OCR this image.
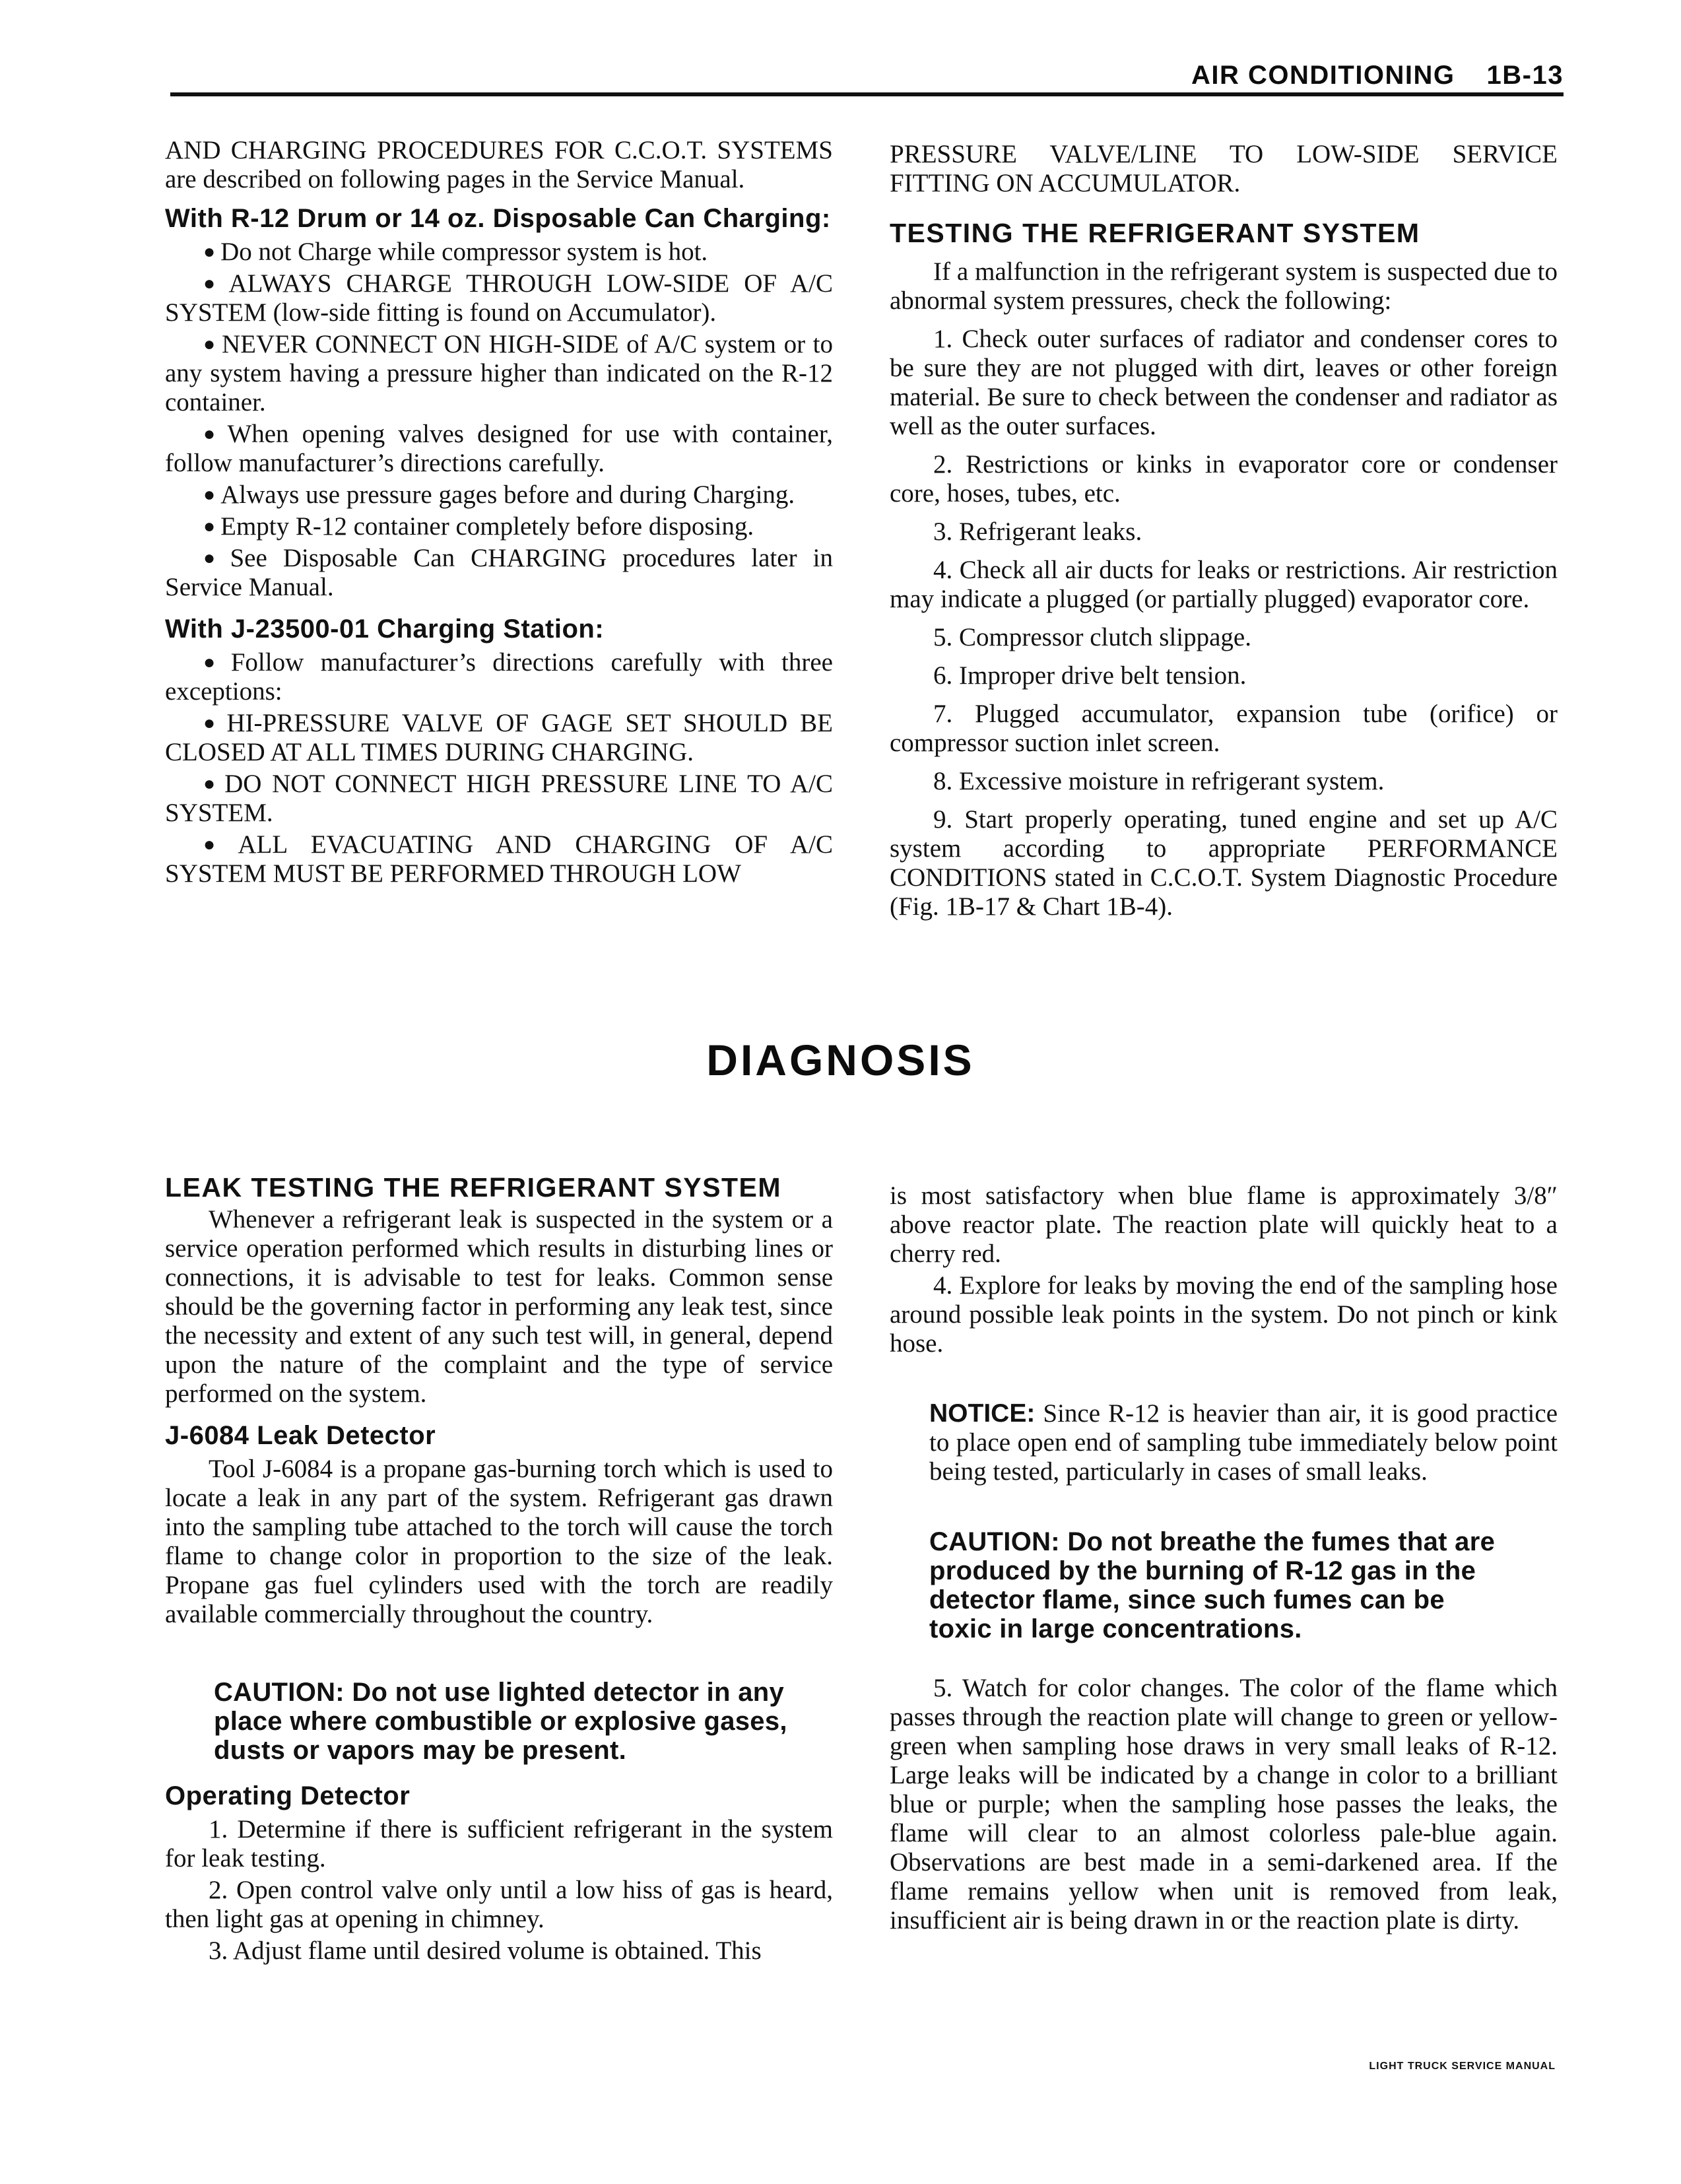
AIR CONDITIONING 1B-13

AND CHARGING PROCEDURES FOR C.C.O.T. SYSTEMS are described on following pages in the Service Manual.

With R-12 Drum or 14 oz. Disposable Can Charging:

● Do not Charge while compressor system is hot.

● ALWAYS CHARGE THROUGH LOW-SIDE OF A/C SYSTEM (low-side fitting is found on Accumulator).

● NEVER CONNECT ON HIGH-SIDE of A/C system or to any system having a pressure higher than indicated on the R-12 container.

● When opening valves designed for use with container, follow manufacturer’s directions carefully.

● Always use pressure gages before and during Charging.

● Empty R-12 container completely before disposing.

● See Disposable Can CHARGING procedures later in Service Manual.

With J-23500-01 Charging Station:

● Follow manufacturer’s directions carefully with three exceptions:

● HI-PRESSURE VALVE OF GAGE SET SHOULD BE CLOSED AT ALL TIMES DURING CHARGING.

● DO NOT CONNECT HIGH PRESSURE LINE TO A/C SYSTEM.

● ALL EVACUATING AND CHARGING OF A/C SYSTEM MUST BE PERFORMED THROUGH LOW

PRESSURE VALVE/LINE TO LOW-SIDE SERVICE FITTING ON ACCUMULATOR.

TESTING THE REFRIGERANT SYSTEM

If a malfunction in the refrigerant system is suspected due to abnormal system pressures, check the following:

1. Check outer surfaces of radiator and condenser cores to be sure they are not plugged with dirt, leaves or other foreign material. Be sure to check between the condenser and radiator as well as the outer surfaces.

2. Restrictions or kinks in evaporator core or condenser core, hoses, tubes, etc.

3. Refrigerant leaks.

4. Check all air ducts for leaks or restrictions. Air restriction may indicate a plugged (or partially plugged) evaporator core.

5. Compressor clutch slippage.

6. Improper drive belt tension.

7. Plugged accumulator, expansion tube (orifice) or compressor suction inlet screen.

8. Excessive moisture in refrigerant system.

9. Start properly operating, tuned engine and set up A/C system according to appropriate PERFORMANCE CONDITIONS stated in C.C.O.T. System Diagnostic Procedure (Fig. 1B-17 & Chart 1B-4).

DIAGNOSIS
LEAK TESTING THE REFRIGERANT SYSTEM

Whenever a refrigerant leak is suspected in the system or a service operation performed which results in disturbing lines or connections, it is advisable to test for leaks. Common sense should be the governing factor in performing any leak test, since the necessity and extent of any such test will, in general, depend upon the nature of the complaint and the type of service performed on the system.

J-6084 Leak Detector

Tool J-6084 is a propane gas-burning torch which is used to locate a leak in any part of the system. Refrigerant gas drawn into the sampling tube attached to the torch will cause the torch flame to change color in proportion to the size of the leak. Propane gas fuel cylinders used with the torch are readily available commercially throughout the country.

CAUTION: Do not use lighted detector in any place where combustible or explosive gases, dusts or vapors may be present.
Operating Detector

1. Determine if there is sufficient refrigerant in the system for leak testing.

2. Open control valve only until a low hiss of gas is heard, then light gas at opening in chimney.

3. Adjust flame until desired volume is obtained. This

is most satisfactory when blue flame is approximately 3/8″ above reactor plate. The reaction plate will quickly heat to a cherry red.

4. Explore for leaks by moving the end of the sampling hose around possible leak points in the system. Do not pinch or kink hose.

NOTICE: Since R-12 is heavier than air, it is good practice to place open end of sampling tube immediately below point being tested, particularly in cases of small leaks.
CAUTION: Do not breathe the fumes that are produced by the burning of R-12 gas in the detector flame, since such fumes can be toxic in large concentrations.

5. Watch for color changes. The color of the flame which passes through the reaction plate will change to green or yellow-green when sampling hose draws in very small leaks of R-12. Large leaks will be indicated by a change in color to a brilliant blue or purple; when the sampling hose passes the leaks, the flame will clear to an almost colorless pale-blue again. Observations are best made in a semi-darkened area. If the flame remains yellow when unit is removed from leak, insufficient air is being drawn in or the reaction plate is dirty.

LIGHT TRUCK SERVICE MANUAL
